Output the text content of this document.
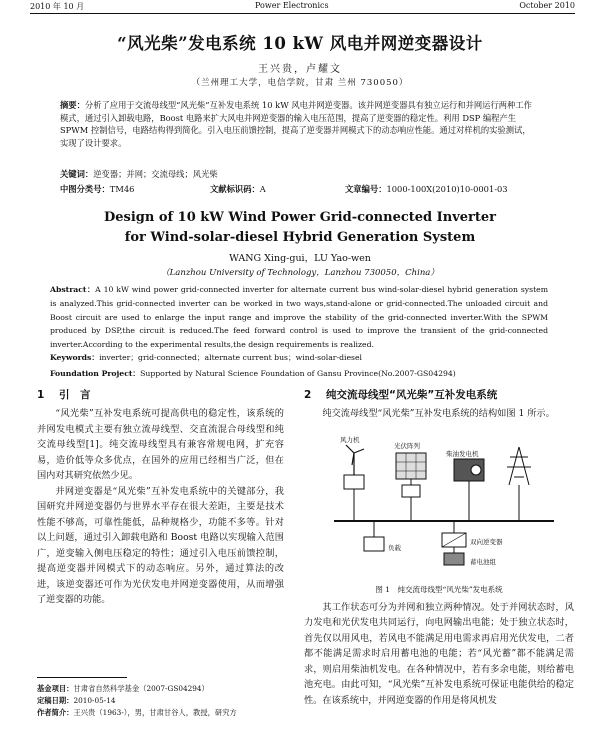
2010 年 10 月	Power Electronics	October 2010
“风光柴”发电系统 10 kW 风电并网逆变器设计
王兴贵，卢耀文
（兰州理工大学，电信学院，甘肃 兰州 730050）
摘要：分析了应用于交流母线型“风光柴”互补发电系统 10 kW 风电并网逆变器。该并网逆变器具有独立运行和并网运行两种工作模式，通过引入卸载电路，Boost 电路来扩大风电并网逆变器的输入电压范围，提高了逆变器的稳定性。利用 DSP 编程产生 SPWM 控制信号，电路结构得到简化。引入电压前馈控制，提高了逆变器并网模式下的动态响应性能。通过对样机的实验测试，实现了设计要求。
关键词：逆变器；并网；交流母线；风光柴
中图分类号：TM46	文献标识码：A	文章编号：1000-100X(2010)10-0001-03
Design of 10 kW Wind Power Grid-connected Inverter
for Wind-solar-diesel Hybrid Generation System
WANG Xing-gui，LU Yao-wen
（Lanzhou University of Technology，Lanzhou 730050，China）
Abstract：A 10 kW wind power grid-connected inverter for alternate current bus wind-solar-diesel hybrid generation system is analyzed.This grid-connected inverter can be worked in two ways,stand-alone or grid-connected.The unloaded circuit and Boost circuit are used to enlarge the input range and improve the stability of the grid-connected inverter.With the SPWM produced by DSP,the circuit is reduced.The feed forward control is used to improve the transient of the grid-connected inverter.According to the experimental results,the design requirements is realized.
Keywords：inverter；grid-connected；alternate current bus；wind-solar-diesel
Foundation Project：Supported by Natural Science Foundation of Gansu Province(No.2007-GS04294)
1 引　言

“风光柴”互补发电系统可提高供电的稳定性，该系统的并网发电模式主要有独立流母线型、交直流混合母线型和纯交流母线型[1]。纯交流母线型具有兼容常规电网，扩充容易，造价低等众多优点，在国外的应用已经相当广泛，但在国内对其研究依然少见。

并网逆变器是“风光柴”互补发电系统中的关键部分，我国研究并网逆变器仍与世界水平存在很大差距，主要是技术性能不够高，可靠性能低，品种规格少，功能不多等。针对以上问题，通过引入卸载电路和 Boost 电路以实现输入范围广，逆变输入侧电压稳定的特性；通过引入电压前馈控制，提高逆变器并网模式下的动态响应。另外，通过算法的改进，该逆变器还可作为光伏发电并网逆变器使用，从而增强了逆变器的功能。

2 纯交流母线型“风光柴”互补发电系统

纯交流母线型“风光柴”互补发电系统的结构如图 1 所示。

风力机
光伏阵列
柴油发电机
负载
双向逆变器
蓄电池组
图 1　纯交流母线型“风光柴”发电系统

其工作状态可分为并网和独立两种情况。处于并网状态时，风力发电和光伏发电共同运行，向电网输出电能；处于独立状态时，首先仅以用风电，若风电不能满足用电需求再启用光伏发电，二者都不能满足需求时启用蓄电池的电能；若“风光蓄”都不能满足需求，则启用柴油机发电。在各种情况中，若有多余电能，则给蓄电池充电。由此可知，“风光柴”互补发电系统可保证电能供给的稳定性。在该系统中，并网逆变器的作用是将风机发

基金项目：甘肃省自然科学基金（2007-GS04294）
定稿日期：2010-05-14
作者简介：王兴贵（1963-），男，甘肃甘谷人，教授，研究方
